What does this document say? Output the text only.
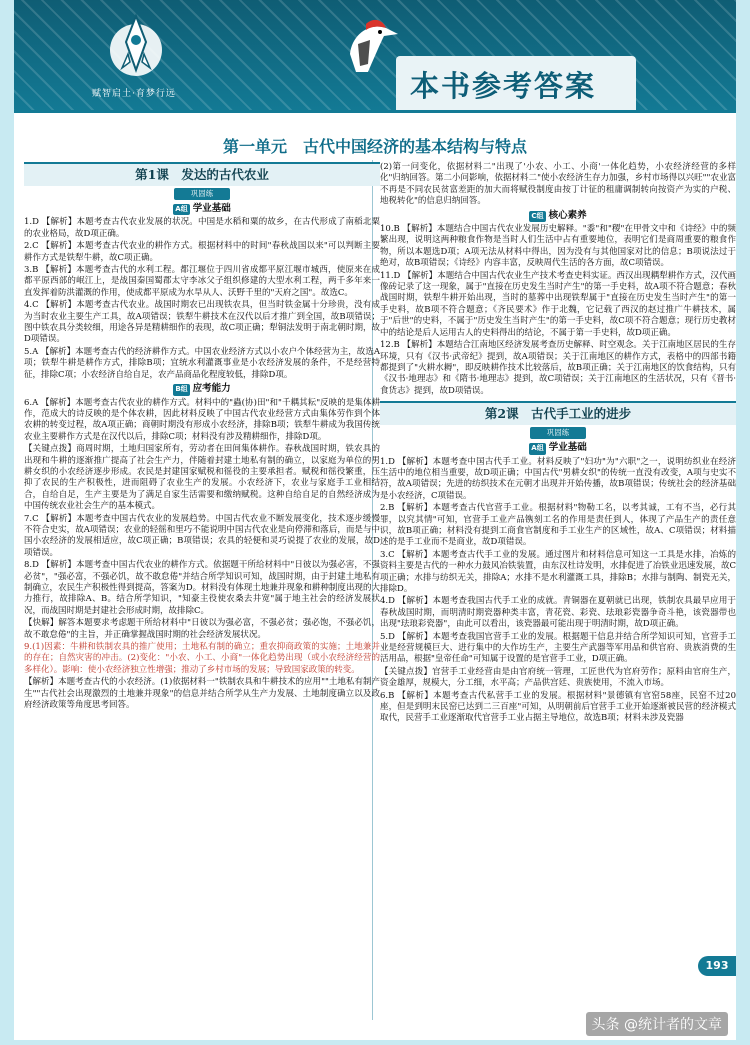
赋智启土·育梦行远	本书参考答案
第一单元　古代中国经济的基本结构与特点
第1课　发达的古代农业
巩固练
A组 学业基础

1.D 【解析】本题考查古代农业发展的状况。中国是水稻和粟的故乡，在古代形成了南稻北粟的农业格局，故D项正确。

2.C 【解析】本题考查古代农业的耕作方式。根据材料中的时间"春秋战国以来"可以判断主要耕作方式是铁犁牛耕，故C项正确。

3.B 【解析】本题考查古代的水利工程。都江堰位于四川省成都平原江堰市城西，使原来在成都平原西部的岷江上，是战国秦国蜀郡太守李冰父子组织修建的大型水利工程，两千多年来一直发挥着防洪灌溉的作用，使成都平原成为水旱从人、沃野千里的"天府之国"。故选C。

4.C 【解析】本题考查古代农业。战国时期农已出现铁农具，但当时铁金属十分珍贵，没有成为当时农业主要生产工具，故A项错误；铁犁牛耕技术在汉代以后才推广到全国，故B项错误；图中铁农具分类较细，用途各异是精耕细作的表现，故C项正确；犁铜法发明于南北朝时期，故D项错误。

5.A 【解析】本题考查古代的经济耕作方式。中国农业经济方式以小农户个体经营为主，故选A项；铁犁牛耕是耕作方式，排除B项；宜统水利灌溉事业是小农经济发展的条件，不是经营特征，排除C项；小农经济自给自足，农产品商品化程度较低，排除D项。

B组 应考能力

6.A 【解析】本题考查古代农业的耕作方式。材料中的"蟲(协)田"和"千耦其耘"反映的是集体耕作，范成大的诗反映的是个体农耕，因此材料反映了中国古代农业经营方式由集体劳作到个体农耕的转变过程，故A项正确；商朝时期没有形成小农经济，排除B项；铁犁牛耕成为我国传统农业主要耕作方式是在汉代以后，排除C项；材料没有涉及精耕细作，排除D项。

【关键点拨】商周时期，土地归国家所有，劳动者在田间集体耕作。春秋战国时期，铁农具的出现和牛耕的逐渐推广提高了社会生产力，伴随着封建土地私有制的确立，以家庭为单位的男耕女织的小农经济逐步形成。农民是封建国家赋税和徭役的主要承担者。赋税和徭役繁重，压抑了农民的生产积极性，进而阻碍了农业生产的发展。小农经济下，农业与家庭手工业相结合，自给自足，生产主要是为了满足自家生活需要和缴纳赋税。这种自给自足的自然经济成为中国传统农业社会生产的基本模式。

7.C 【解析】本题考查中国古代农业的发展趋势。中国古代农业不断发展变化，技术逐步缓慢不符合史实，故A项错误；农业的轻徭和里巧不能说明中国古代农业是向停滞和落后，而是与中国小农经济的发展相适应，故C项正确；B项错误；农具的轻便和灵巧说提了农业的发展，故D项错误。

8.D 【解析】本题考查中国古代农业的耕作方式。依据题干所给材料中"日彼以为强必害，不强必贫"，"强必富，不强必饥，故不敢怠倦"并结合所学知识可知，战国时期，由于封建土地私有制确立，农民生产积极性得到提高，答案为D。材料没有体现土地兼并现象和耕种制度出现的大力推行，故排除A、B。结合所学知识，"知豪主役使农桑去井宽"属于地主社会的经济发展状况，而战国时期是封建社会形成时期，故排除C。

【快解】解答本题要求考虑题干所给材料中"日彼以为强必富，不强必贫；强必饱，不强必饥，故不敢怠倦"的主旨，并正确掌握战国时期的社会经济发展状况。

9.(1)因素：牛耕和铁制农具的推广使用；土地私有制的确立；重农抑商政策的实施；土地兼并的存在；自然灾害的冲击。(2)变化："小农、小工、小商"一体化趋势出现（或小农经济经营的多样化）。影响：使小农经济独立性增强；推动了乡村市场的发展；导致国家政策的转变。

【解析】本题考查古代的小农经济。(1)依据材料一"铁制农具和牛耕技术的应用""土地私有制产生""古代社会出现激烈的土地兼并现象"的信息并结合所学从生产力发展、土地制度确立以及政府经济政策等角度思考回答。

(2)第一问变化，依据材料二"出现了'小农、小工、小商'一体化趋势，小农经济经营的多样化"归纳回答。第二小问影响，依据材料二"使小农经济生存力加强，乡村市场得以兴旺""农业富不再是不同农民贫富差距的加大而将赋役制度由按丁计征的租庸调制转向按资产为实的户税、地税转化"的信息归纳回答。

C组 核心素养

10.B 【解析】本题结合中国古代农业发展历史解释。"黍"和"稷"在甲骨文中和《诗经》中的频繁出现，说明这两种粮食作物是当时人们生活中占有重要地位，表明它们是商周重要的粮食作物，所以本题选D项；A项无法从材料中得出，因为没有与其他国家对比的信息；B项说法过于绝对，故B项错误；《诗经》内容丰富，反映周代生活的各方面，故C项错误。

11.D 【解析】本题结合中国古代农业生产技术考查史料实证。西汉出现耦犁耕作方式，汉代画像砖记录了这一现象，属于"直接在历史发生当时产生"的第一手史料，故A项不符合题意；春秋战国时期，铁犁牛耕开始出现，当时的墓葬中出现铁犁属于"直接在历史发生当时产生"的第一手史料，故B项不符合题意；《齐民要术》作于北魏，它记载了西汉的赵过推广牛耕技术，属于"后世"的史料，不属于"历史发生当时产生"的第一手史料，故C项不符合题意；现行历史教材中的结论是后人运用古人的史料得出的结论，不属于第一手史料，故D项正确。

12.B 【解析】本题结合江南地区经济发展考查历史解释、时空观念。关于江南地区居民的生存环境，只有《汉书·武帝纪》提到，故A项错误；关于江南地区的耕作方式，表格中的四部书籍都提到了"火耕水耨"，即反映耕作技术比较落后，故B项正确；关于江南地区的饮食结构，只有《汉书·地理志》和《隋书·地理志》提到，故C项错误；关于江南地区的生活状况，只有《晋书·食货志》提到，故D项错误。

第2课　古代手工业的进步
巩固练
A组 学业基础

1.D 【解析】本题考查中国古代手工业。材料反映了"妇功"为"六职"之一，说明纺织业在经济生活中的地位相当重要，故D项正确；中国古代"男耕女织"的传统一直没有改变，A项与史实不符，故A项错误；先进的纺织技术在元朝才出现并开始传播，故B项错误；传统社会的经济基础是小农经济，C项错误。

2.B 【解析】本题考查古代官营手工业。根据材料"物勒工名，以考其诚，工有不当，必行其罪，以究其情"可知，官营手工业产品镌刻工名的作用是责任到人，体现了产品生产的责任意识，故B项正确；材料没有提到工商食官制度和手工业生产的区域性，故A、C项错误；材料描述的是手工业而不是商业，故D项错误。

3.C 【解析】本题考查古代手工业的发展。通过图片和材料信息可知这一工具是水排，冶炼的资料主要是古代的一种水力鼓风冶铁装置，由东汉杜诗发明，水排促进了冶铁业迅速发展，故C项正确；水排与纺织无关，排除A；水排不是水利灌溉工具，排除B；水排与制陶、制瓷无关，排除D。

4.D 【解析】本题考查我国古代手工业的成就。青铜器在夏朝就已出现，铁制农具最早应用于春秋战国时期，而明清时期瓷器种类丰富，青花瓷、彩瓷、珐琅彩瓷器争奇斗艳，该瓷器带也出现"珐琅彩瓷器"，由此可以看出，该瓷器最可能出现于明清时期，故D项正确。

5.D 【解析】本题考查我国官营手工业的发展。根据题干信息并结合所学知识可知，官营手工业是经营规模巨大、进行集中的大作坊生产，主要生产武器等军用品和供官府、贵族消费的生活用品，根据"皇帝任命"可知属于设置的是官营手工业，D项正确。

【关键点拨】官营手工业经营由是由官府统一管理，工匠世代为官府劳作；原料由官府生产，资金雄厚，规模大，分工细，水平高；产品供宫廷、贵族使用，不流入市场。

6.B 【解析】本题考查古代私营手工业的发展。根据材料"景德镇有官窑58座，民窑不过20座，但是到明末民窑已达到二三百座"可知，从明朝前后官营手工业开始逐渐被民营的经济模式取代，民营手工业逐渐取代官营手工业占据主导地位，故选B项；材料未涉及瓷器

193
头条 @统计者的文章
